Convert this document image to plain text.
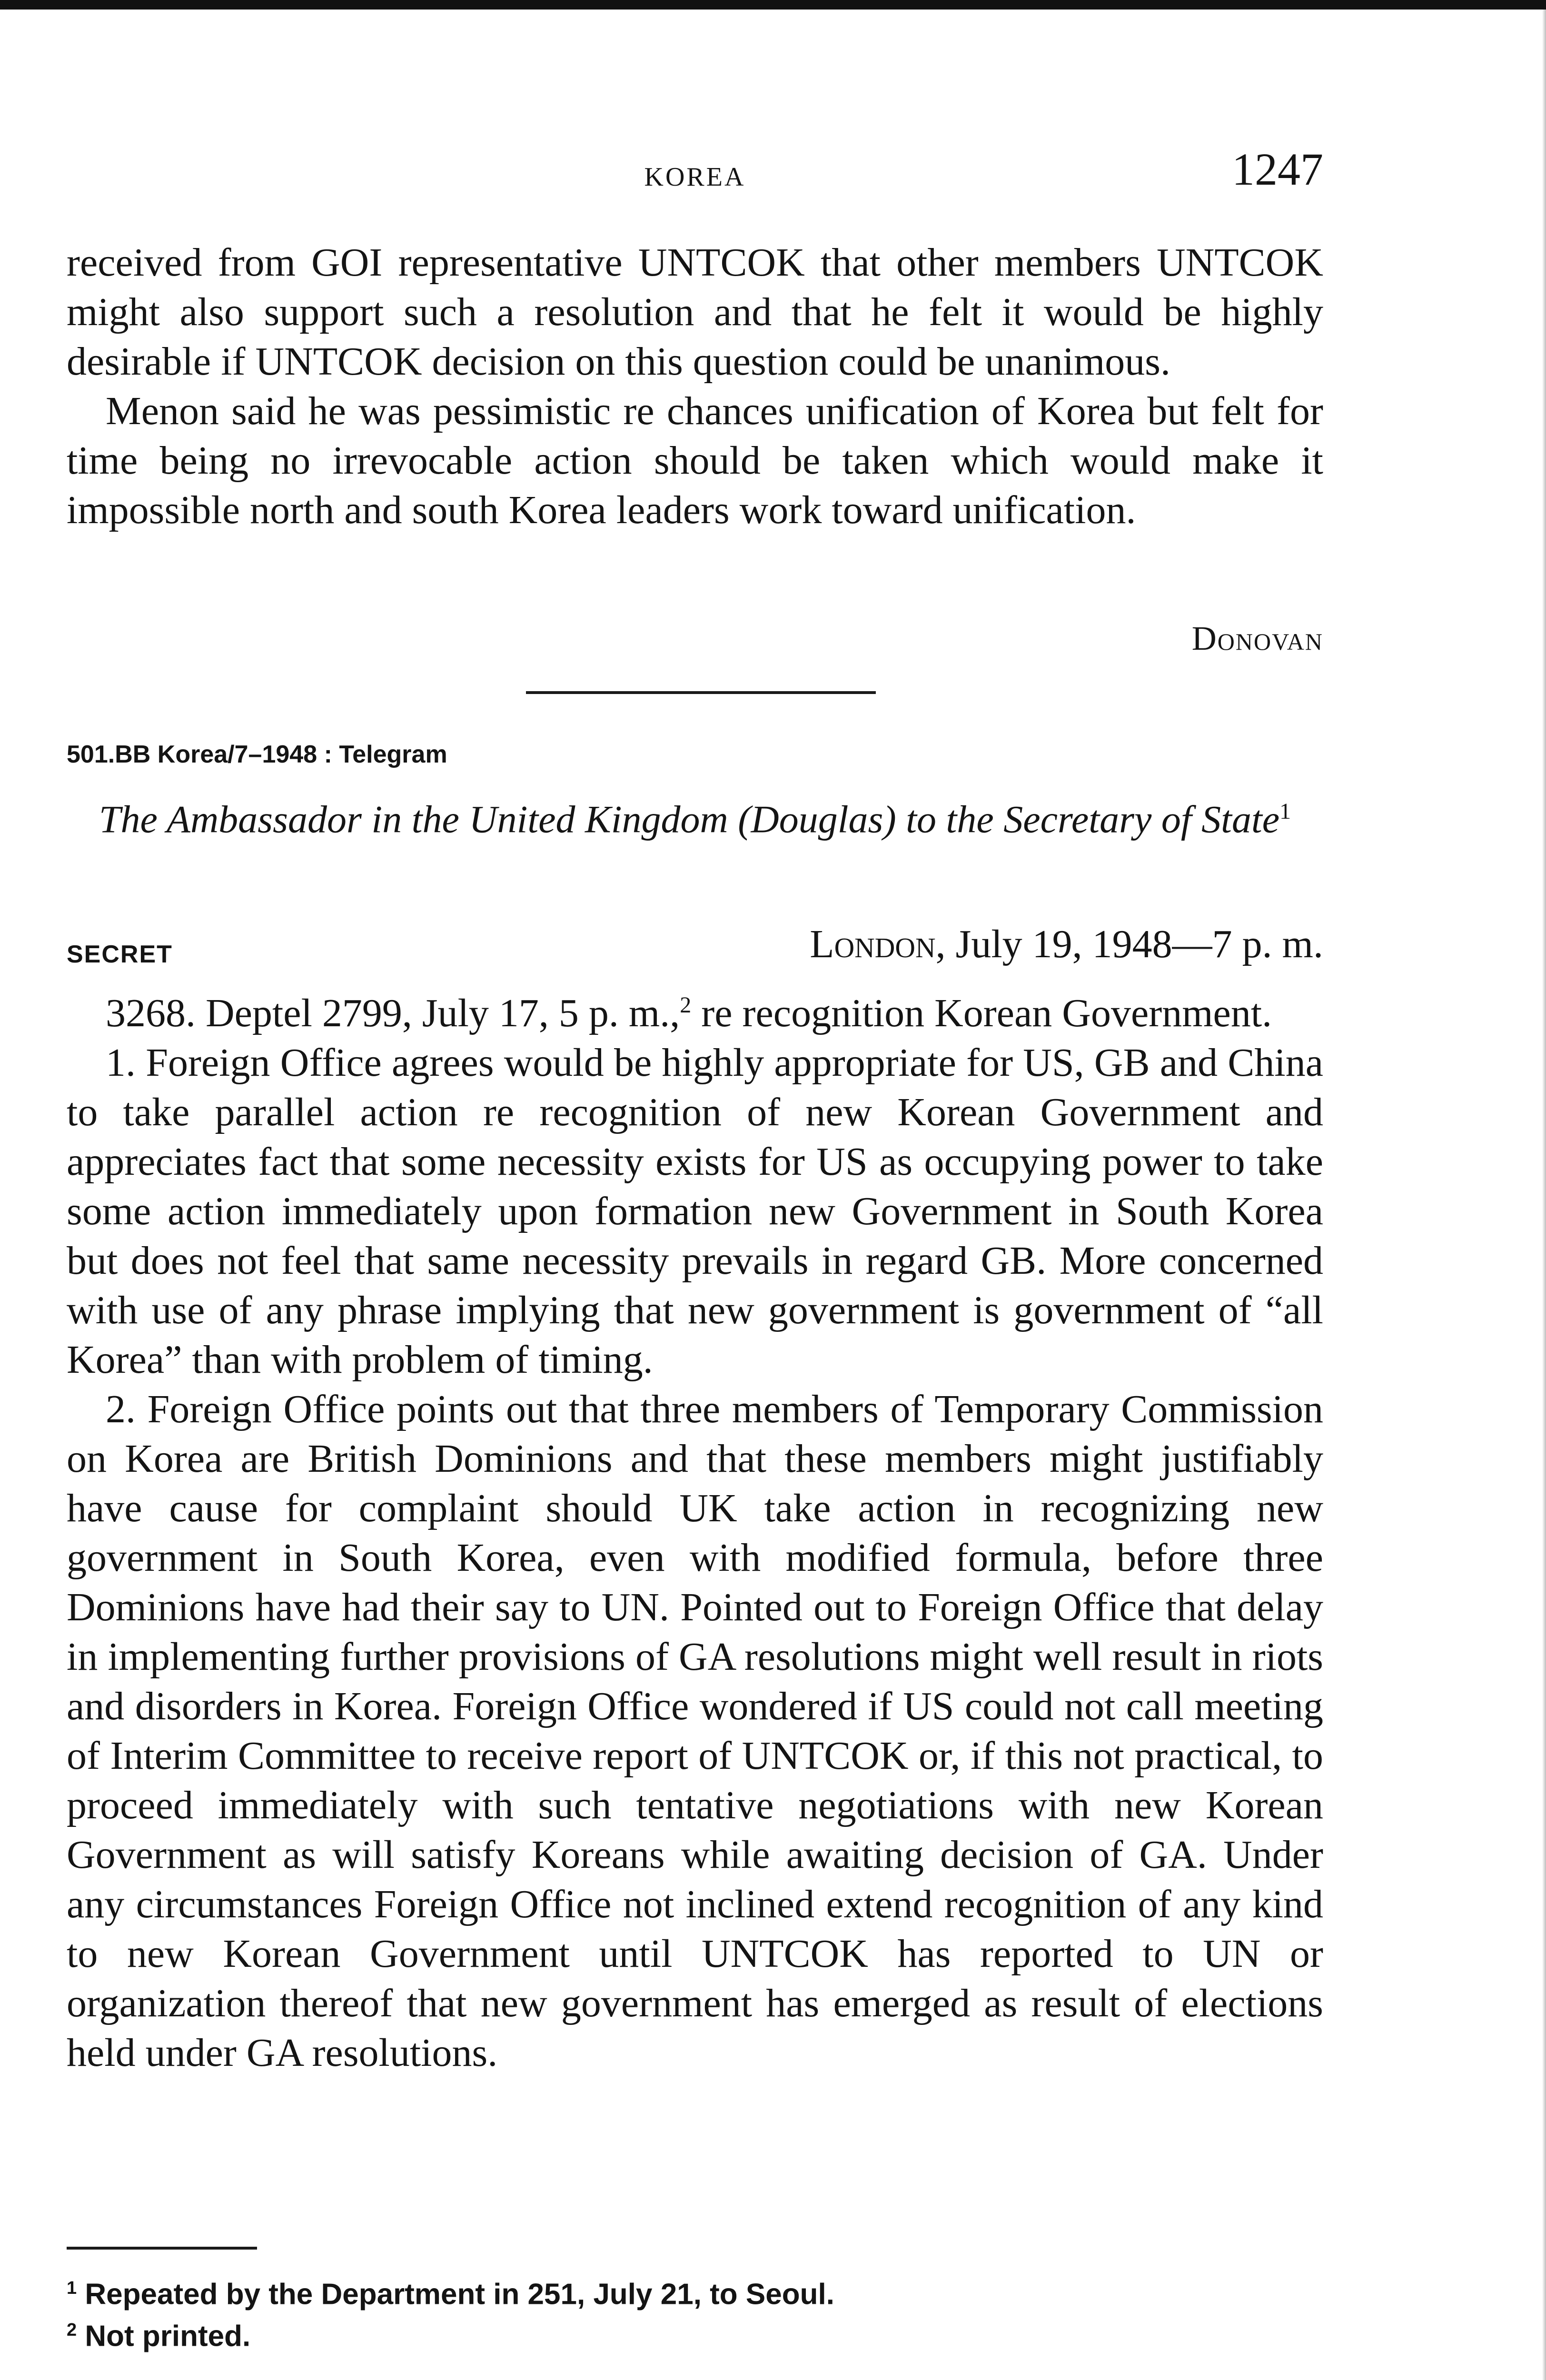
KOREA	1247

received from GOI representative UNTCOK that other members UNTCOK might also support such a resolution and that he felt it would be highly desirable if UNTCOK decision on this question could be unanimous.

Menon said he was pessimistic re chances unification of Korea but felt for time being no irrevocable action should be taken which would make it impossible north and south Korea leaders work toward unification.

Donovan
501.BB Korea/7–1948 : Telegram
The Ambassador in the United Kingdom (Douglas) to the Secretary of State$^1$
SECRET	London, July 19, 1948—7 p. m.

3268. Deptel 2799, July 17, 5 p. m.,$^2$ re recognition Korean Government.

1. Foreign Office agrees would be highly appropriate for US, GB and China to take parallel action re recognition of new Korean Government and appreciates fact that some necessity exists for US as occupying power to take some action immediately upon formation new Government in South Korea but does not feel that same necessity prevails in regard GB. More concerned with use of any phrase implying that new government is government of “all Korea” than with problem of timing.

2. Foreign Office points out that three members of Temporary Commission on Korea are British Dominions and that these members might justifiably have cause for complaint should UK take action in recognizing new government in South Korea, even with modified formula, before three Dominions have had their say to UN. Pointed out to Foreign Office that delay in implementing further provisions of GA resolutions might well result in riots and disorders in Korea. Foreign Office wondered if US could not call meeting of Interim Committee to receive report of UNTCOK or, if this not practical, to proceed immediately with such tentative negotiations with new Korean Government as will satisfy Koreans while awaiting decision of GA. Under any circumstances Foreign Office not inclined extend recognition of any kind to new Korean Government until UNTCOK has reported to UN or organization thereof that new government has emerged as result of elections held under GA resolutions.

$^1$ Repeated by the Department in 251, July 21, to Seoul.

$^2$ Not printed.
